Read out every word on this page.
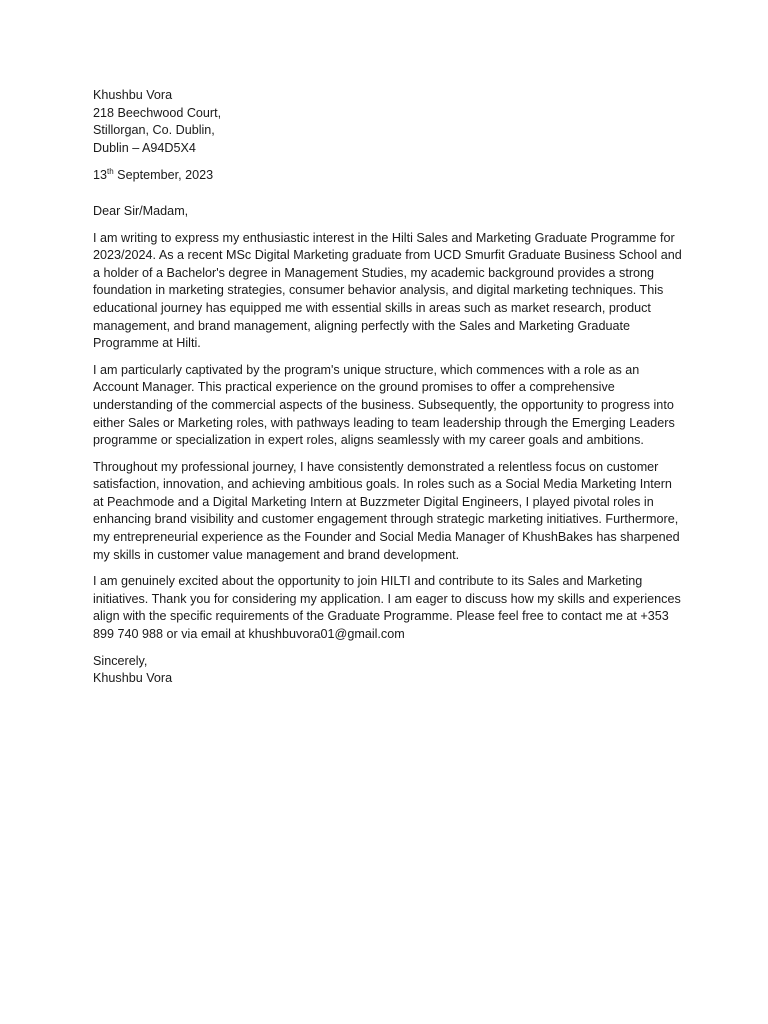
Khushbu Vora
218 Beechwood Court,
Stillorgan, Co. Dublin,
Dublin – A94D5X4
13th September, 2023
Dear Sir/Madam,
I am writing to express my enthusiastic interest in the Hilti Sales and Marketing Graduate Programme for 2023/2024. As a recent MSc Digital Marketing graduate from UCD Smurfit Graduate Business School and a holder of a Bachelor's degree in Management Studies, my academic background provides a strong foundation in marketing strategies, consumer behavior analysis, and digital marketing techniques. This educational journey has equipped me with essential skills in areas such as market research, product management, and brand management, aligning perfectly with the Sales and Marketing Graduate Programme at Hilti.
I am particularly captivated by the program's unique structure, which commences with a role as an Account Manager. This practical experience on the ground promises to offer a comprehensive understanding of the commercial aspects of the business. Subsequently, the opportunity to progress into either Sales or Marketing roles, with pathways leading to team leadership through the Emerging Leaders programme or specialization in expert roles, aligns seamlessly with my career goals and ambitions.
Throughout my professional journey, I have consistently demonstrated a relentless focus on customer satisfaction, innovation, and achieving ambitious goals. In roles such as a Social Media Marketing Intern at Peachmode and a Digital Marketing Intern at Buzzmeter Digital Engineers, I played pivotal roles in enhancing brand visibility and customer engagement through strategic marketing initiatives. Furthermore, my entrepreneurial experience as the Founder and Social Media Manager of KhushBakes has sharpened my skills in customer value management and brand development.
I am genuinely excited about the opportunity to join HILTI and contribute to its Sales and Marketing initiatives. Thank you for considering my application. I am eager to discuss how my skills and experiences align with the specific requirements of the Graduate Programme. Please feel free to contact me at +353 899 740 988 or via email at khushbuvora01@gmail.com
Sincerely,
Khushbu Vora
